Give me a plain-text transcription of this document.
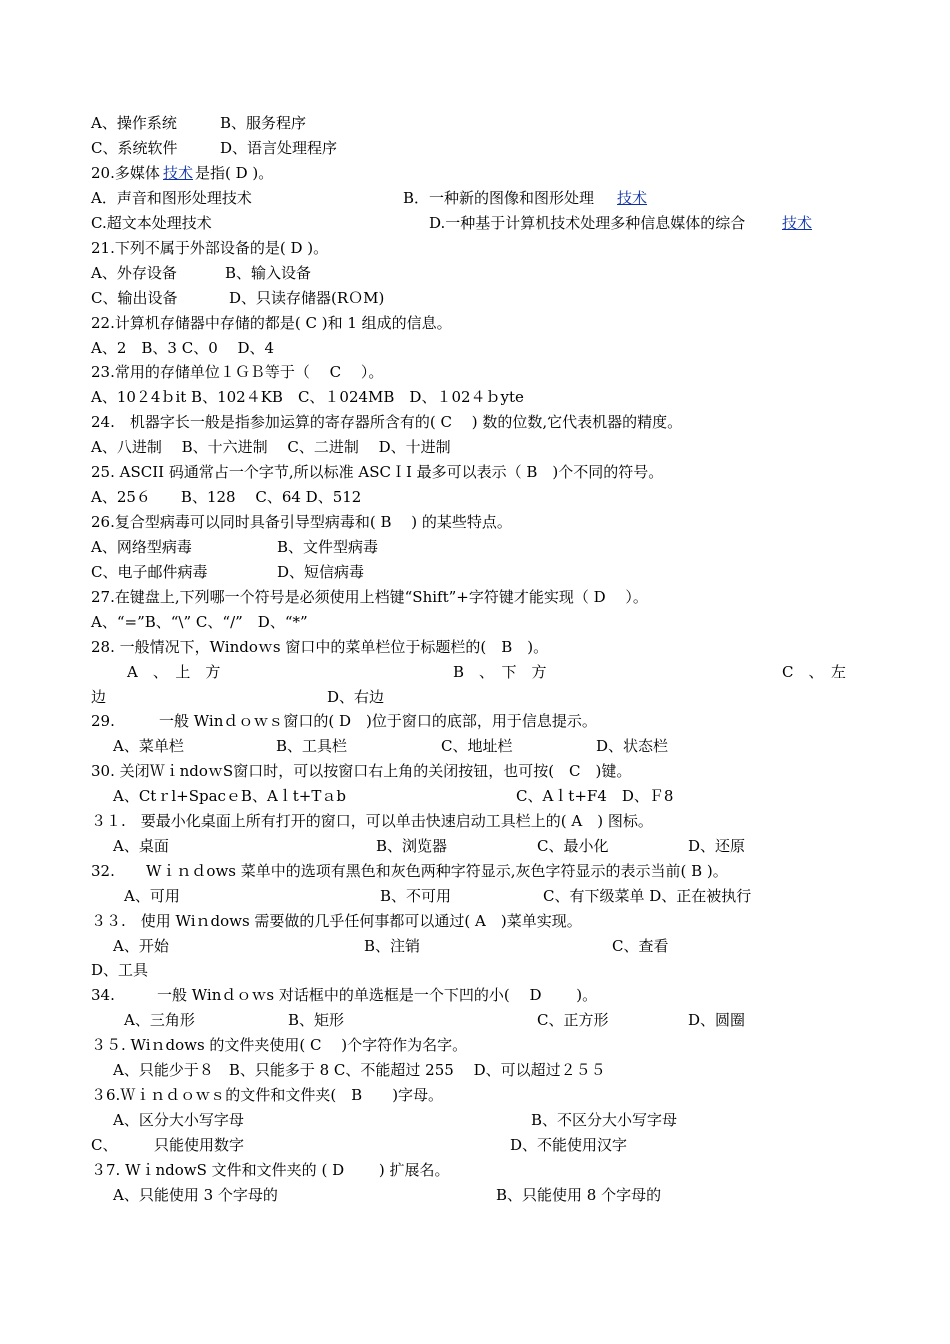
A、操作系统	B、服务程序
C、系统软件	D、语言处理程序
20.多媒体 技术 是指( D )。
A．声音和图形处理技术	B．一种新的图像和图形处理 技术
C.超文本处理技术	D.一种基于计算机技术处理多种信息媒体的综合 技术
21.下列不属于外部设备的是( D )。
A、外存设备	B、输入设备
C、输出设备	D、只读存储器(RＯM)
22.计算机存储器中存储的都是( C )和 1 组成的信息。
A、2　B、3 C、0　 D、4
23.常用的存储单位１ＧＢ等于（　 C　 ）。
A、10２4ｂit B、102４KB　C、１024MB　D、１02４ｂyte
24.　机器字长一般是指参加运算的寄存器所含有的( C　 ) 数的位数,它代表机器的精度。
A、八进制　 B、十六进制　 C、二进制　 D、十进制
25. ASCII 码通常占一个字节,所以标准 ASCＩI 最多可以表示（ B　)个不同的符号。
A、25６　　B、128　 C、64 D、512
26.复合型病毒可以同时具备引导型病毒和( B　 ) 的某些特点。
A、网络型病毒	B、文件型病毒
C、电子邮件病毒	D、短信病毒
27.在键盘上,下列哪一个符号是必须使用上档键“Shift”+字符键才能实现（ D　 ）。
A、“=”B、“\” C、“/”　D、“*”
28. 一般情况下，Windoｗs 窗口中的菜单栏位于标题栏的(　B　)。
A　、　上　方	B　、　下　方	C　、　左
边	D、右边
29.	一般 Winｄｏｗｓ窗口的( D　)位于窗口的底部，用于信息提示。
A、菜单栏	B、工具栏	C、地址栏	D、状态栏
30. 关闭ＷｉndoｗS窗口时，可以按窗口右上角的关闭按钮，也可按(　C　)键。
A、Ctｒl+SpacｅB、Aｌt+Tａb	C、Aｌt+F4　D、Ｆ8
３１.　要最小化桌面上所有打开的窗口，可以单击快速启动工具栏上的( A　) 图标。
A、桌面	B、浏览器	C、最小化	D、还原
32. Wｉｎｄows 菜单中的选项有黑色和灰色两种字符显示,灰色字符显示的表示当前( B )。
A、可用	B、不可用	C、有下级菜单 D、正在被执行
３３.　使用 Wiｎdows 需要做的几乎任何事都可以通过( A　)菜单实现。
A、开始	B、注销	C、查看
D、工具
34.	一般 Winｄｏｗs 对话框中的单选框是一个下凹的小(　 D　　 )。
A、三角形	B、矩形	C、正方形	D、圆圈
３５. Wiｎdows 的文件夹使用( C　 )个字符作为名字。
A、只能少于８　B、只能多于 8 C、不能超过 255　 D、可以超过２５５
３6.Ｗｉｎｄｏｗｓ的文件和文件夹(　B　　)字母。
A、区分大小写字母	B、不区分大小写字母
C、 只能使用数字	D、不能使用汉字
３7. WｉndowS 文件和文件夹的 ( D　　 ) 扩展名。
A、只能使用 3 个字母的	B、只能使用 8 个字母的
